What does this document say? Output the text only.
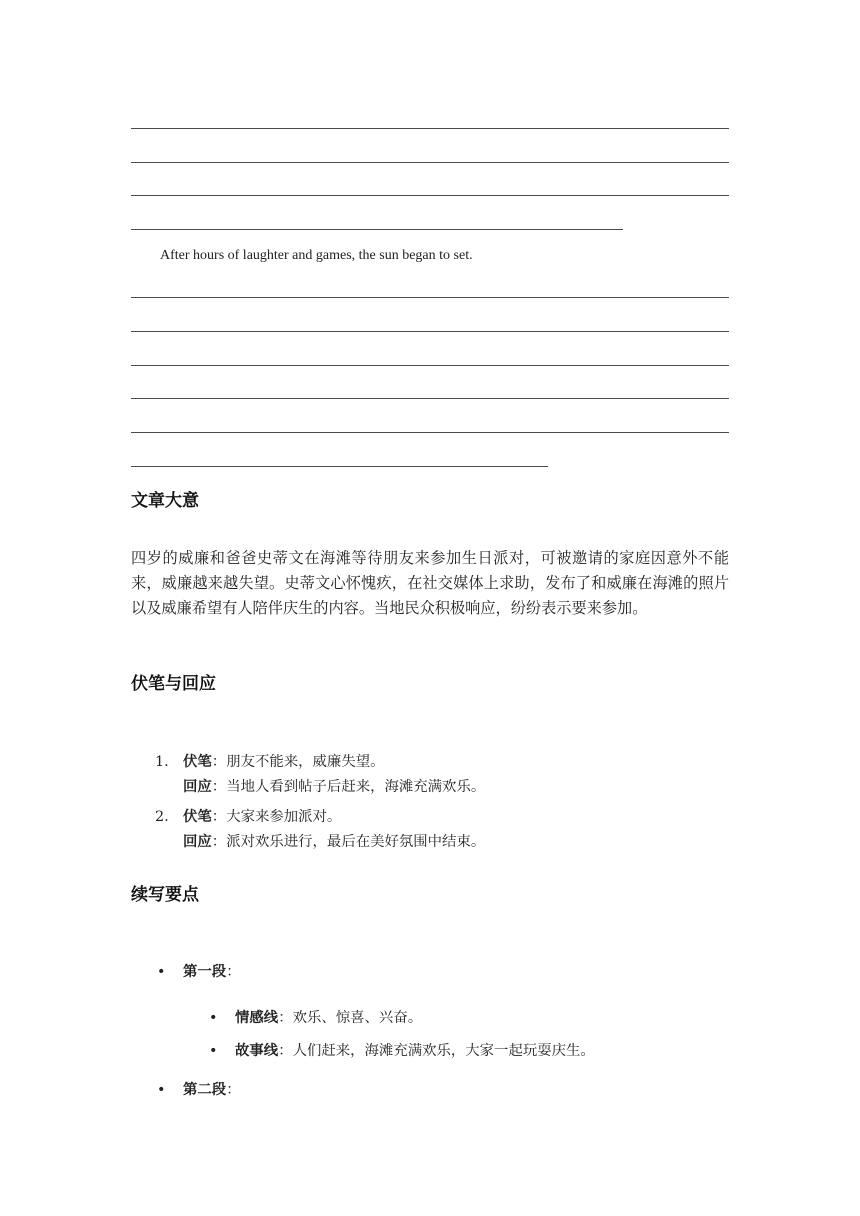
After hours of laughter and games, the sun began to set.
文章大意
四岁的威廉和爸爸史蒂文在海滩等待朋友来参加生日派对，可被邀请的家庭因意外不能来，威廉越来越失望。史蒂文心怀愧疚，在社交媒体上求助，发布了和威廉在海滩的照片以及威廉希望有人陪伴庆生的内容。当地民众积极响应，纷纷表示要来参加。
伏笔与回应
1. 伏笔：朋友不能来，威廉失望。
回应：当地人看到帖子后赶来，海滩充满欢乐。
2. 伏笔：大家来参加派对。
回应：派对欢乐进行，最后在美好氛围中结束。
续写要点
• 第一段：
• 情感线：欢乐、惊喜、兴奋。
• 故事线：人们赶来，海滩充满欢乐，大家一起玩耍庆生。
• 第二段：
